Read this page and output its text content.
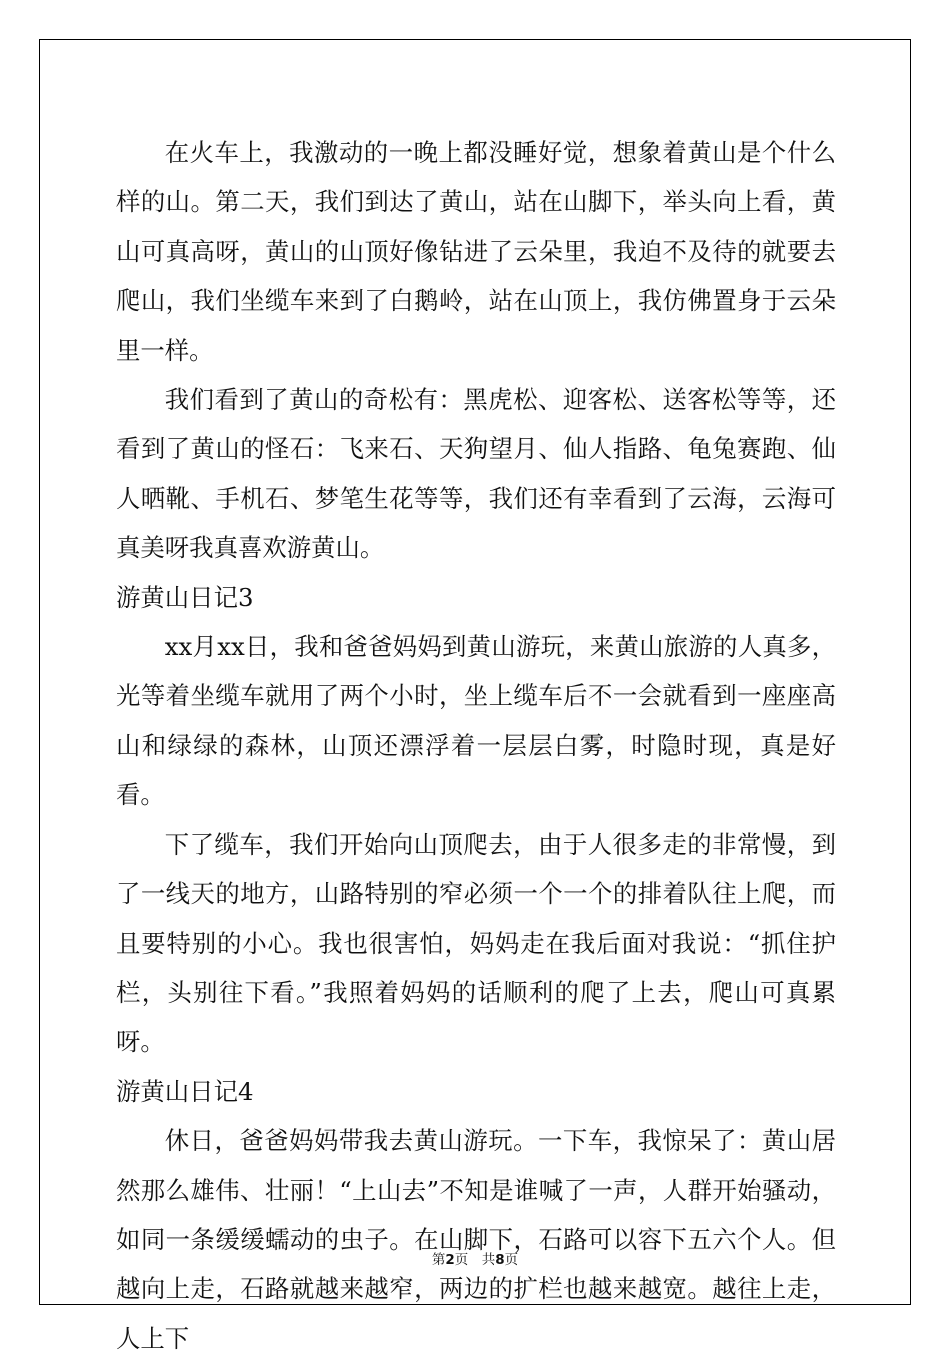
在火车上，我激动的一晚上都没睡好觉，想象着黄山是个什么样的山。第二天，我们到达了黄山，站在山脚下，举头向上看，黄山可真高呀，黄山的山顶好像钻进了云朵里，我迫不及待的就要去爬山，我们坐缆车来到了白鹅岭，站在山顶上，我仿佛置身于云朵里一样。

我们看到了黄山的奇松有：黑虎松、迎客松、送客松等等，还看到了黄山的怪石：飞来石、天狗望月、仙人指路、龟兔赛跑、仙人晒靴、手机石、梦笔生花等等，我们还有幸看到了云海，云海可真美呀我真喜欢游黄山。

游黄山日记3

xx月xx日，我和爸爸妈妈到黄山游玩，来黄山旅游的人真多，光等着坐缆车就用了两个小时，坐上缆车后不一会就看到一座座高山和绿绿的森林，山顶还漂浮着一层层白雾，时隐时现，真是好看。

下了缆车，我们开始向山顶爬去，由于人很多走的非常慢，到了一线天的地方，山路特别的窄必须一个一个的排着队往上爬，而且要特别的小心。我也很害怕，妈妈走在我后面对我说：“抓住护栏，头别往下看。”我照着妈妈的话顺利的爬了上去，爬山可真累呀。

游黄山日记4

休日，爸爸妈妈带我去黄山游玩。一下车，我惊呆了：黄山居然那么雄伟、壮丽！“上山去”不知是谁喊了一声，人群开始骚动，如同一条缓缓蠕动的虫子。在山脚下，石路可以容下五六个人。但越向上走，石路就越来越窄，两边的扩栏也越来越宽。越往上走，人上下

第2页　共8页
